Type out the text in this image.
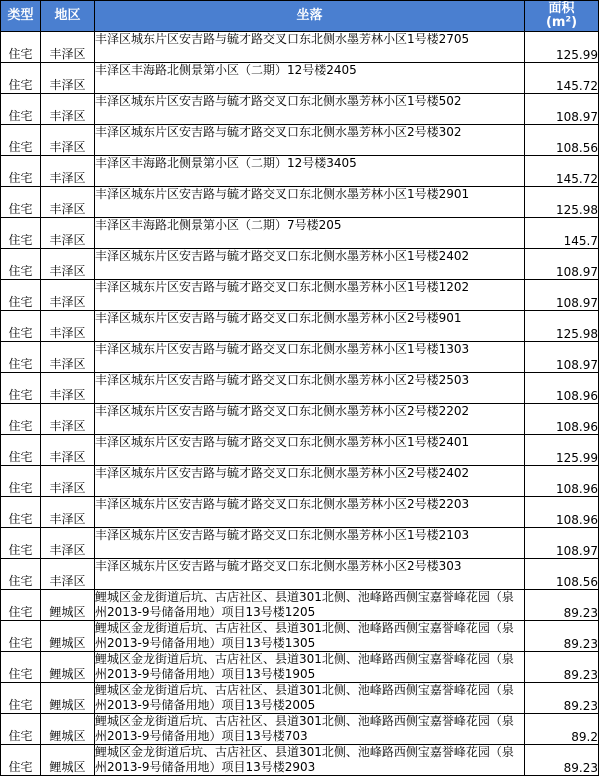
类型	地区	坐落	面积
(m²)
住宅	丰泽区	丰泽区城东片区安吉路与毓才路交叉口东北侧水墨芳林小区1号楼2705	125.99
住宅	丰泽区	丰泽区丰海路北侧景第小区（二期）12号楼2405	145.72
住宅	丰泽区	丰泽区城东片区安吉路与毓才路交叉口东北侧水墨芳林小区1号楼502	108.97
住宅	丰泽区	丰泽区城东片区安吉路与毓才路交叉口东北侧水墨芳林小区2号楼302	108.56
住宅	丰泽区	丰泽区丰海路北侧景第小区（二期）12号楼3405	145.72
住宅	丰泽区	丰泽区城东片区安吉路与毓才路交叉口东北侧水墨芳林小区1号楼2901	125.98
住宅	丰泽区	丰泽区丰海路北侧景第小区（二期）7号楼205	145.7
住宅	丰泽区	丰泽区城东片区安吉路与毓才路交叉口东北侧水墨芳林小区1号楼2402	108.97
住宅	丰泽区	丰泽区城东片区安吉路与毓才路交叉口东北侧水墨芳林小区1号楼1202	108.97
住宅	丰泽区	丰泽区城东片区安吉路与毓才路交叉口东北侧水墨芳林小区2号楼901	125.98
住宅	丰泽区	丰泽区城东片区安吉路与毓才路交叉口东北侧水墨芳林小区1号楼1303	108.97
住宅	丰泽区	丰泽区城东片区安吉路与毓才路交叉口东北侧水墨芳林小区2号楼2503	108.96
住宅	丰泽区	丰泽区城东片区安吉路与毓才路交叉口东北侧水墨芳林小区2号楼2202	108.96
住宅	丰泽区	丰泽区城东片区安吉路与毓才路交叉口东北侧水墨芳林小区1号楼2401	125.99
住宅	丰泽区	丰泽区城东片区安吉路与毓才路交叉口东北侧水墨芳林小区2号楼2402	108.96
住宅	丰泽区	丰泽区城东片区安吉路与毓才路交叉口东北侧水墨芳林小区2号楼2203	108.96
住宅	丰泽区	丰泽区城东片区安吉路与毓才路交叉口东北侧水墨芳林小区1号楼2103	108.97
住宅	丰泽区	丰泽区城东片区安吉路与毓才路交叉口东北侧水墨芳林小区2号楼303	108.56
住宅	鲤城区	鲤城区金龙街道后坑、古店社区、县道301北侧、池峰路西侧宝嘉誉峰花园（泉州2013-9号储备用地）项目13号楼1205	89.23
住宅	鲤城区	鲤城区金龙街道后坑、古店社区、县道301北侧、池峰路西侧宝嘉誉峰花园（泉州2013-9号储备用地）项目13号楼1305	89.23
住宅	鲤城区	鲤城区金龙街道后坑、古店社区、县道301北侧、池峰路西侧宝嘉誉峰花园（泉州2013-9号储备用地）项目13号楼1905	89.23
住宅	鲤城区	鲤城区金龙街道后坑、古店社区、县道301北侧、池峰路西侧宝嘉誉峰花园（泉州2013-9号储备用地）项目13号楼2005	89.23
住宅	鲤城区	鲤城区金龙街道后坑、古店社区、县道301北侧、池峰路西侧宝嘉誉峰花园（泉州2013-9号储备用地）项目13号楼703	89.2
住宅	鲤城区	鲤城区金龙街道后坑、古店社区、县道301北侧、池峰路西侧宝嘉誉峰花园（泉州2013-9号储备用地）项目13号楼2903	89.23
